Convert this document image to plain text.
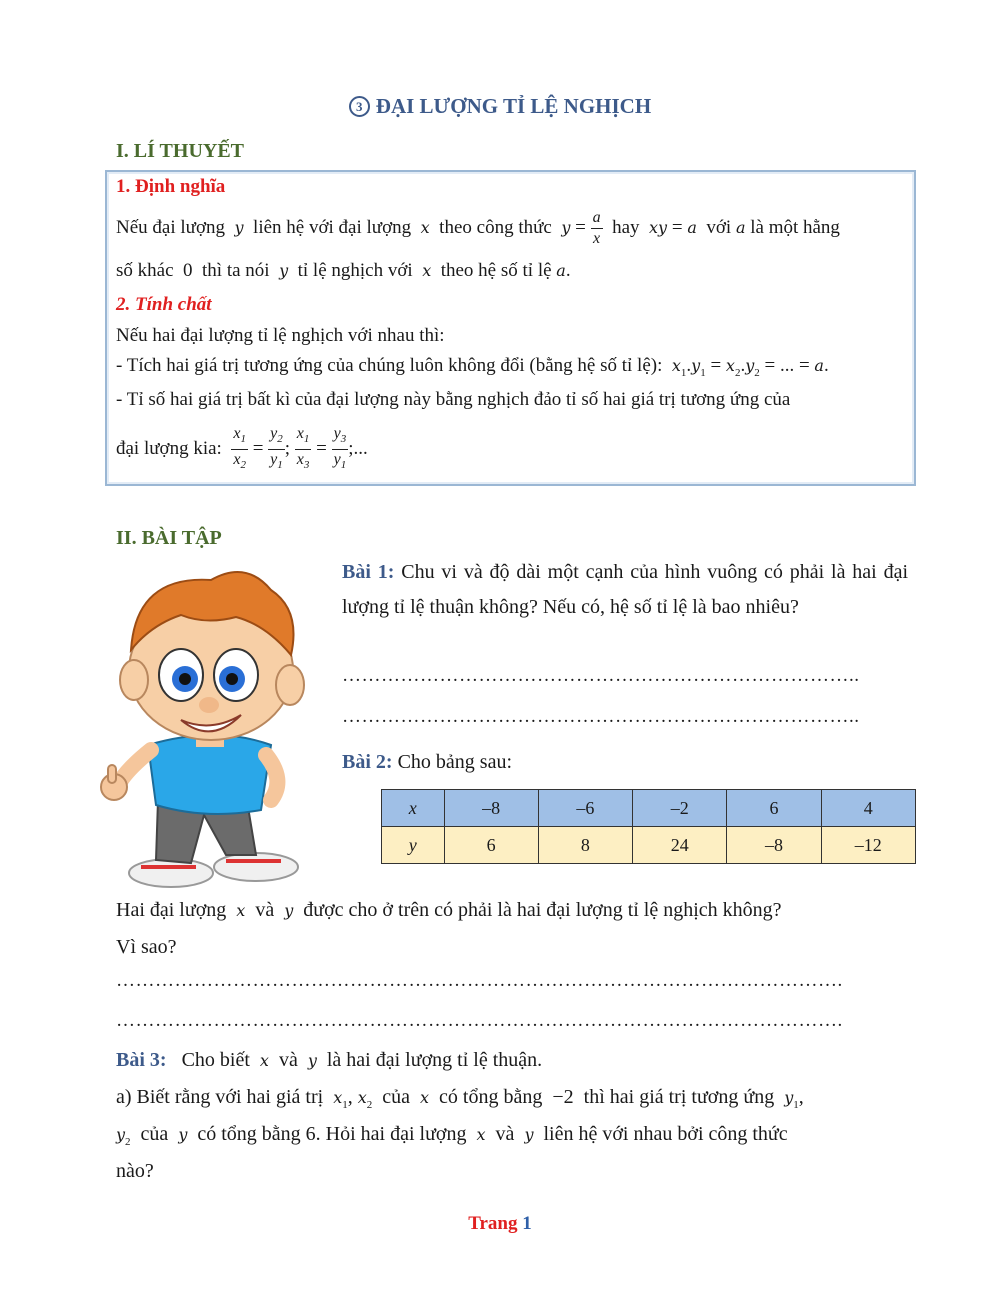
3 ĐẠI LƯỢNG TỈ LỆ NGHỊCH
I. LÍ THUYẾT
1. Định nghĩa
Nếu đại lượng y liên hệ với đại lượng x theo công thức $y = \frac{a}{x}$ hay xy = a với a là một hằng
số khác  0  thì ta nói y tỉ lệ nghịch với x theo hệ số tỉ lệ a.
2. Tính chất
Nếu hai đại lượng tỉ lệ nghịch với nhau thì:
- Tích hai giá trị tương ứng của chúng luôn không đổi (bằng hệ số tỉ lệ): $x_1.y_1 = x_2.y_2$ = ... = a.
- Tỉ số hai giá trị bất kì của đại lượng này bằng nghịch đảo tỉ số hai giá trị tương ứng của
đại lượng kia: $\frac{x_1}{x_2} = \frac{y_2}{y_1}$ ; $\frac{x_1}{x_3} = \frac{y_3}{y_1}$ ;...
II. BÀI TẬP
Bài 1: Chu vi và độ dài một cạnh của hình vuông có phải là hai đại lượng tỉ lệ thuận không? Nếu có, hệ số tỉ lệ là bao nhiêu?
……………………………………………………………………..
……………………………………………………………………..
Bài 2: Cho bảng sau:
x	–8	–6	–2	6	4
y	6	8	24	–8	–12
Hai đại lượng x và y được cho ở trên có phải là hai đại lượng tỉ lệ nghịch không?
Vì sao?
………………………………………………………………………………………………….
………………………………………………………………………………………………….
Bài 3: Cho biết x và y là hai đại lượng tỉ lệ thuận.
a) Biết rằng với hai giá trị $x_1$, $x_2$ của x có tổng bằng −2 thì hai giá trị tương ứng $y_1$,
$y_2$ của y có tổng bằng 6. Hỏi hai đại lượng x và y liên hệ với nhau bởi công thức
nào?
Trang 1
